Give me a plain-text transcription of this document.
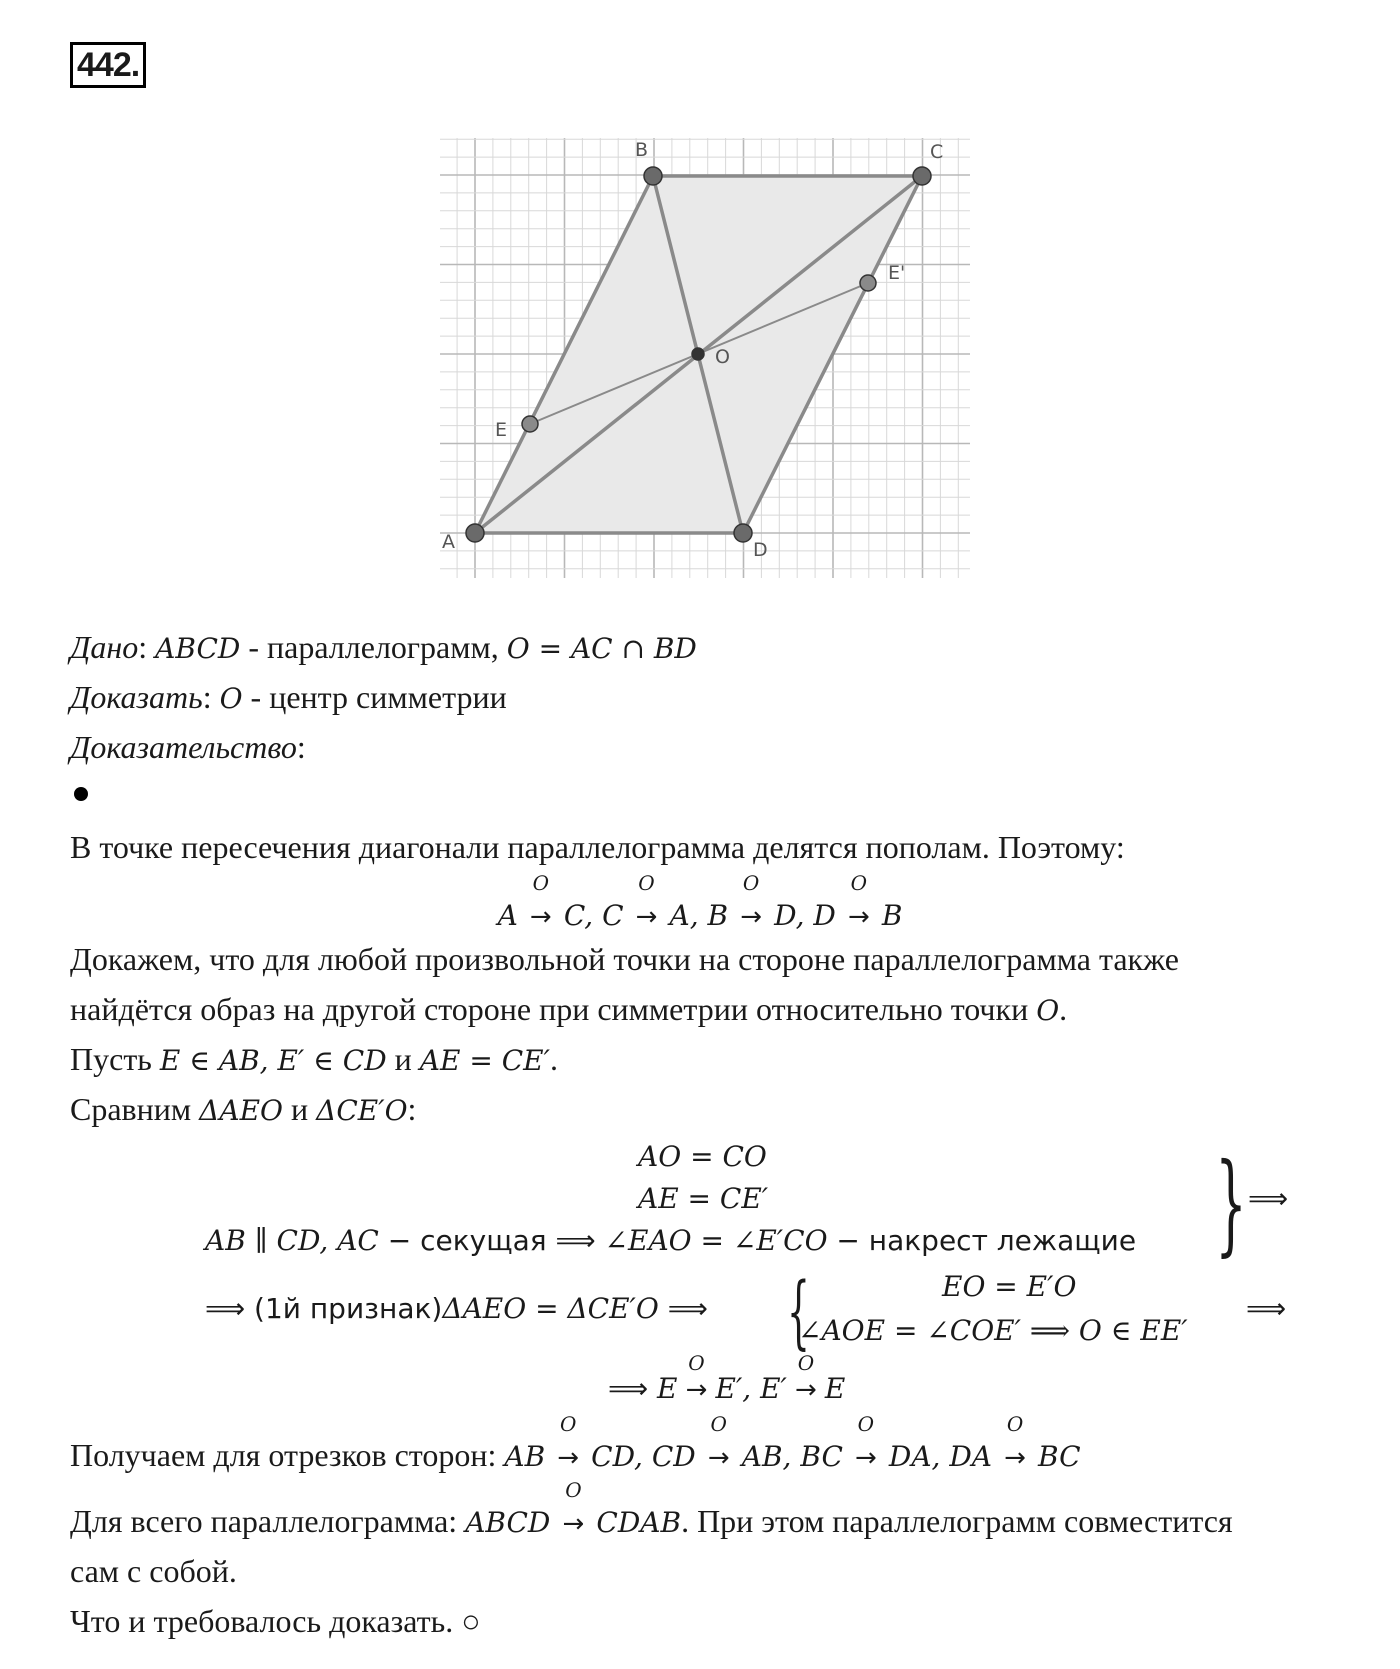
442.
A
B	C
D
E
E'
O
Дано: ABCD - параллелограмм, O = AC ∩ BD
Доказать: O - центр симметрии
Доказательство:
В точке пересечения диагонали параллелограмма делятся пополам. Поэтому:
A
O
→ C, C
O
→ A, B
O
→ D, D
O
→ B
Докажем, что для любой произвольной точки на стороне параллелограмма также
найдётся образ на другой стороне при симметрии относительно точки O.
Пусть E ∈ AB, E′ ∈ CD и AE = CE′.
Сравним ΔAEO и ΔCE′O:
AO = CO
AE = CE′
AB ∥ CD, AC − секущая ⟹ ∠EAO = ∠E′CO − накрест лежащие } ⟹
⟹ (1й признак)ΔAEO = ΔCE′O ⟹ {	EO = E′O
∠AOE = ∠COE′ ⟹ O ∈ EE′
⟹
⟹ E
O
→ E′, E′
O
→ E
Получаем для отрезков сторон: AB
O
→ CD, CD
O
→ AB, BC
O
→ DA, DA
O
→ BC
Для всего параллелограмма: ABCD
O
→ CDAB. При этом параллелограмм совместится
сам с собой.
Что и требовалось доказать. ○
